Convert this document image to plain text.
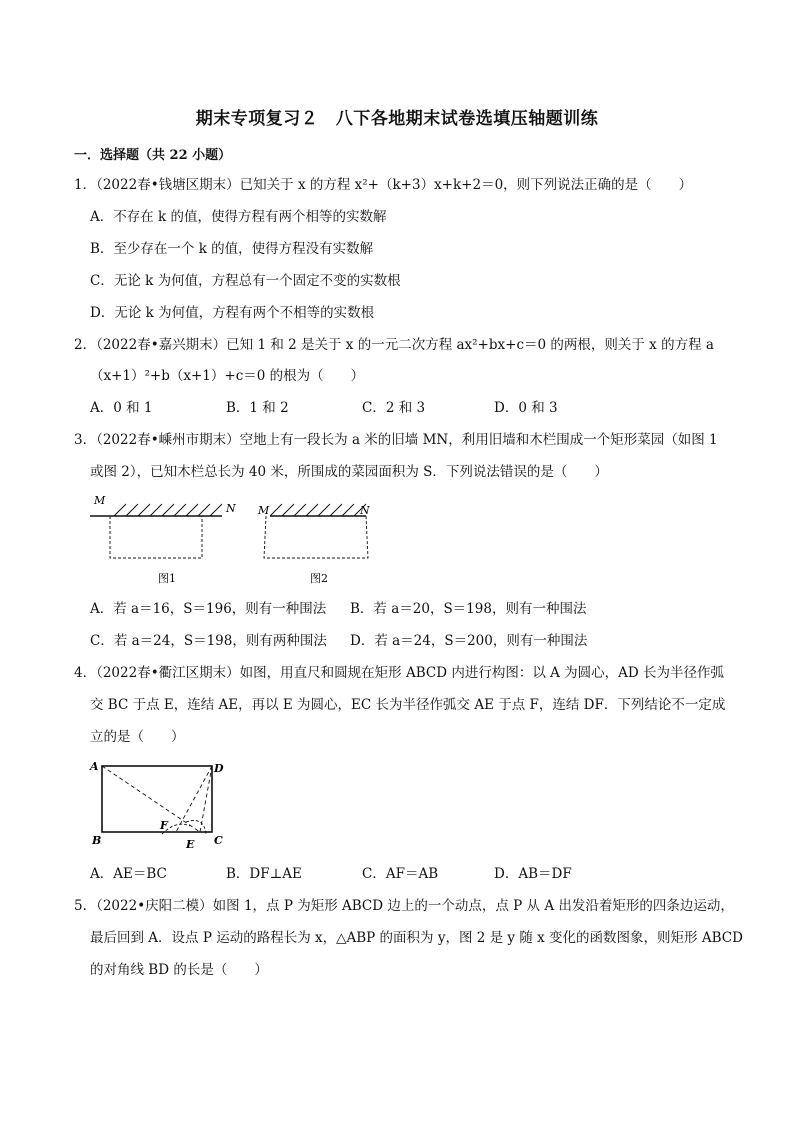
期末专项复习２　八下各地期末试卷选填压轴题训练
一．选择题（共 22 小题）
1．（2022春•钱塘区期末）已知关于 x 的方程 x²+（k+3）x+k+2＝0，则下列说法正确的是（　　）
A．不存在 k 的值，使得方程有两个相等的实数解
B．至少存在一个 k 的值，使得方程没有实数解
C．无论 k 为何值，方程总有一个固定不变的实数根
D．无论 k 为何值，方程有两个不相等的实数根
2．（2022春•嘉兴期末）已知 1 和 2 是关于 x 的一元二次方程 ax²+bx+c＝0 的两根，则关于 x 的方程 a
（x+1）²+b（x+1）+c＝0 的根为（　　）
A．0 和 1	B．1 和 2	C．2 和 3	D．0 和 3
3．（2022春•嵊州市期末）空地上有一段长为 a 米的旧墙 MN，利用旧墙和木栏围成一个矩形菜园（如图 1
或图 2），已知木栏总长为 40 米，所围成的菜园面积为 S．下列说法错误的是（　　）
M
N
图1
M	N
图2
A．若 a＝16，S＝196，则有一种围法 B．若 a＝20，S＝198，则有一种围法
C．若 a＝24，S＝198，则有两种围法 D．若 a＝24，S＝200，则有一种围法
4．（2022春•衢江区期末）如图，用直尺和圆规在矩形 ABCD 内进行构图：以 A 为圆心，AD 长为半径作弧
交 BC 于点 E，连结 AE，再以 E 为圆心，EC 长为半径作弧交 AE 于点 F，连结 DF．下列结论不一定成
立的是（　　）
A	D
B	C
F
E
A．AE＝BC	B．DF⊥AE	C．AF＝AB	D．AB＝DF
5．（2022•庆阳二模）如图 1，点 P 为矩形 ABCD 边上的一个动点，点 P 从 A 出发沿着矩形的四条边运动，
最后回到 A．设点 P 运动的路程长为 x，△ABP 的面积为 y，图 2 是 y 随 x 变化的函数图象，则矩形 ABCD
的对角线 BD 的长是（　　）
